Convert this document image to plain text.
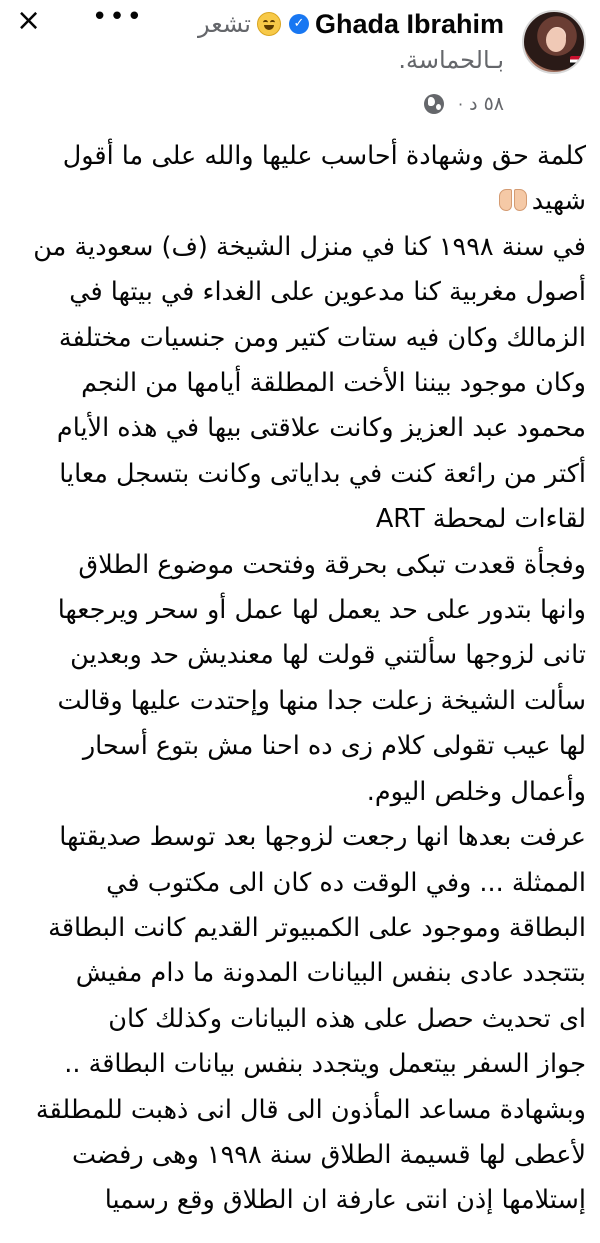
× ••• تشعر	✓ Ghada Ibrahim
بـالحماسة.
· ٥٨ د
كلمة حق وشهادة أحاسب عليها والله على ما أقول
شهيد
في سنة ١٩٩٨ كنا في منزل الشيخة (ف) سعودية من
أصول مغربية كنا مدعوين على الغداء في بيتها في
الزمالك وكان فيه ستات كتير ومن جنسيات مختلفة
وكان موجود بيننا الأخت المطلقة أيامها من النجم
محمود عبد العزيز وكانت علاقتى بيها في هذه الأيام
أكتر من رائعة كنت في بداياتى وكانت بتسجل معايا
لقاءات لمحطة ART
وفجأة قعدت تبكى بحرقة وفتحت موضوع الطلاق
وانها بتدور على حد يعمل لها عمل أو سحر ويرجعها
تانى لزوجها سألتني قولت لها معنديش حد وبعدين
سألت الشيخة زعلت جدا منها وإحتدت عليها وقالت
لها عيب تقولى كلام زى ده احنا مش بتوع أسحار
وأعمال وخلص اليوم.
عرفت بعدها انها رجعت لزوجها بعد توسط صديقتها
الممثلة ... وفي الوقت ده كان الى مكتوب في
البطاقة وموجود على الكمبيوتر القديم كانت البطاقة
بتتجدد عادى بنفس البيانات المدونة ما دام مفيش
اى تحديث حصل على هذه البيانات وكذلك كان
جواز السفر بيتعمل ويتجدد بنفس بيانات البطاقة ..
وبشهادة مساعد المأذون الى قال انى ذهبت للمطلقة
لأعطى لها قسيمة الطلاق سنة ١٩٩٨ وهى رفضت
إستلامها إذن انتى عارفة ان الطلاق وقع رسميا
